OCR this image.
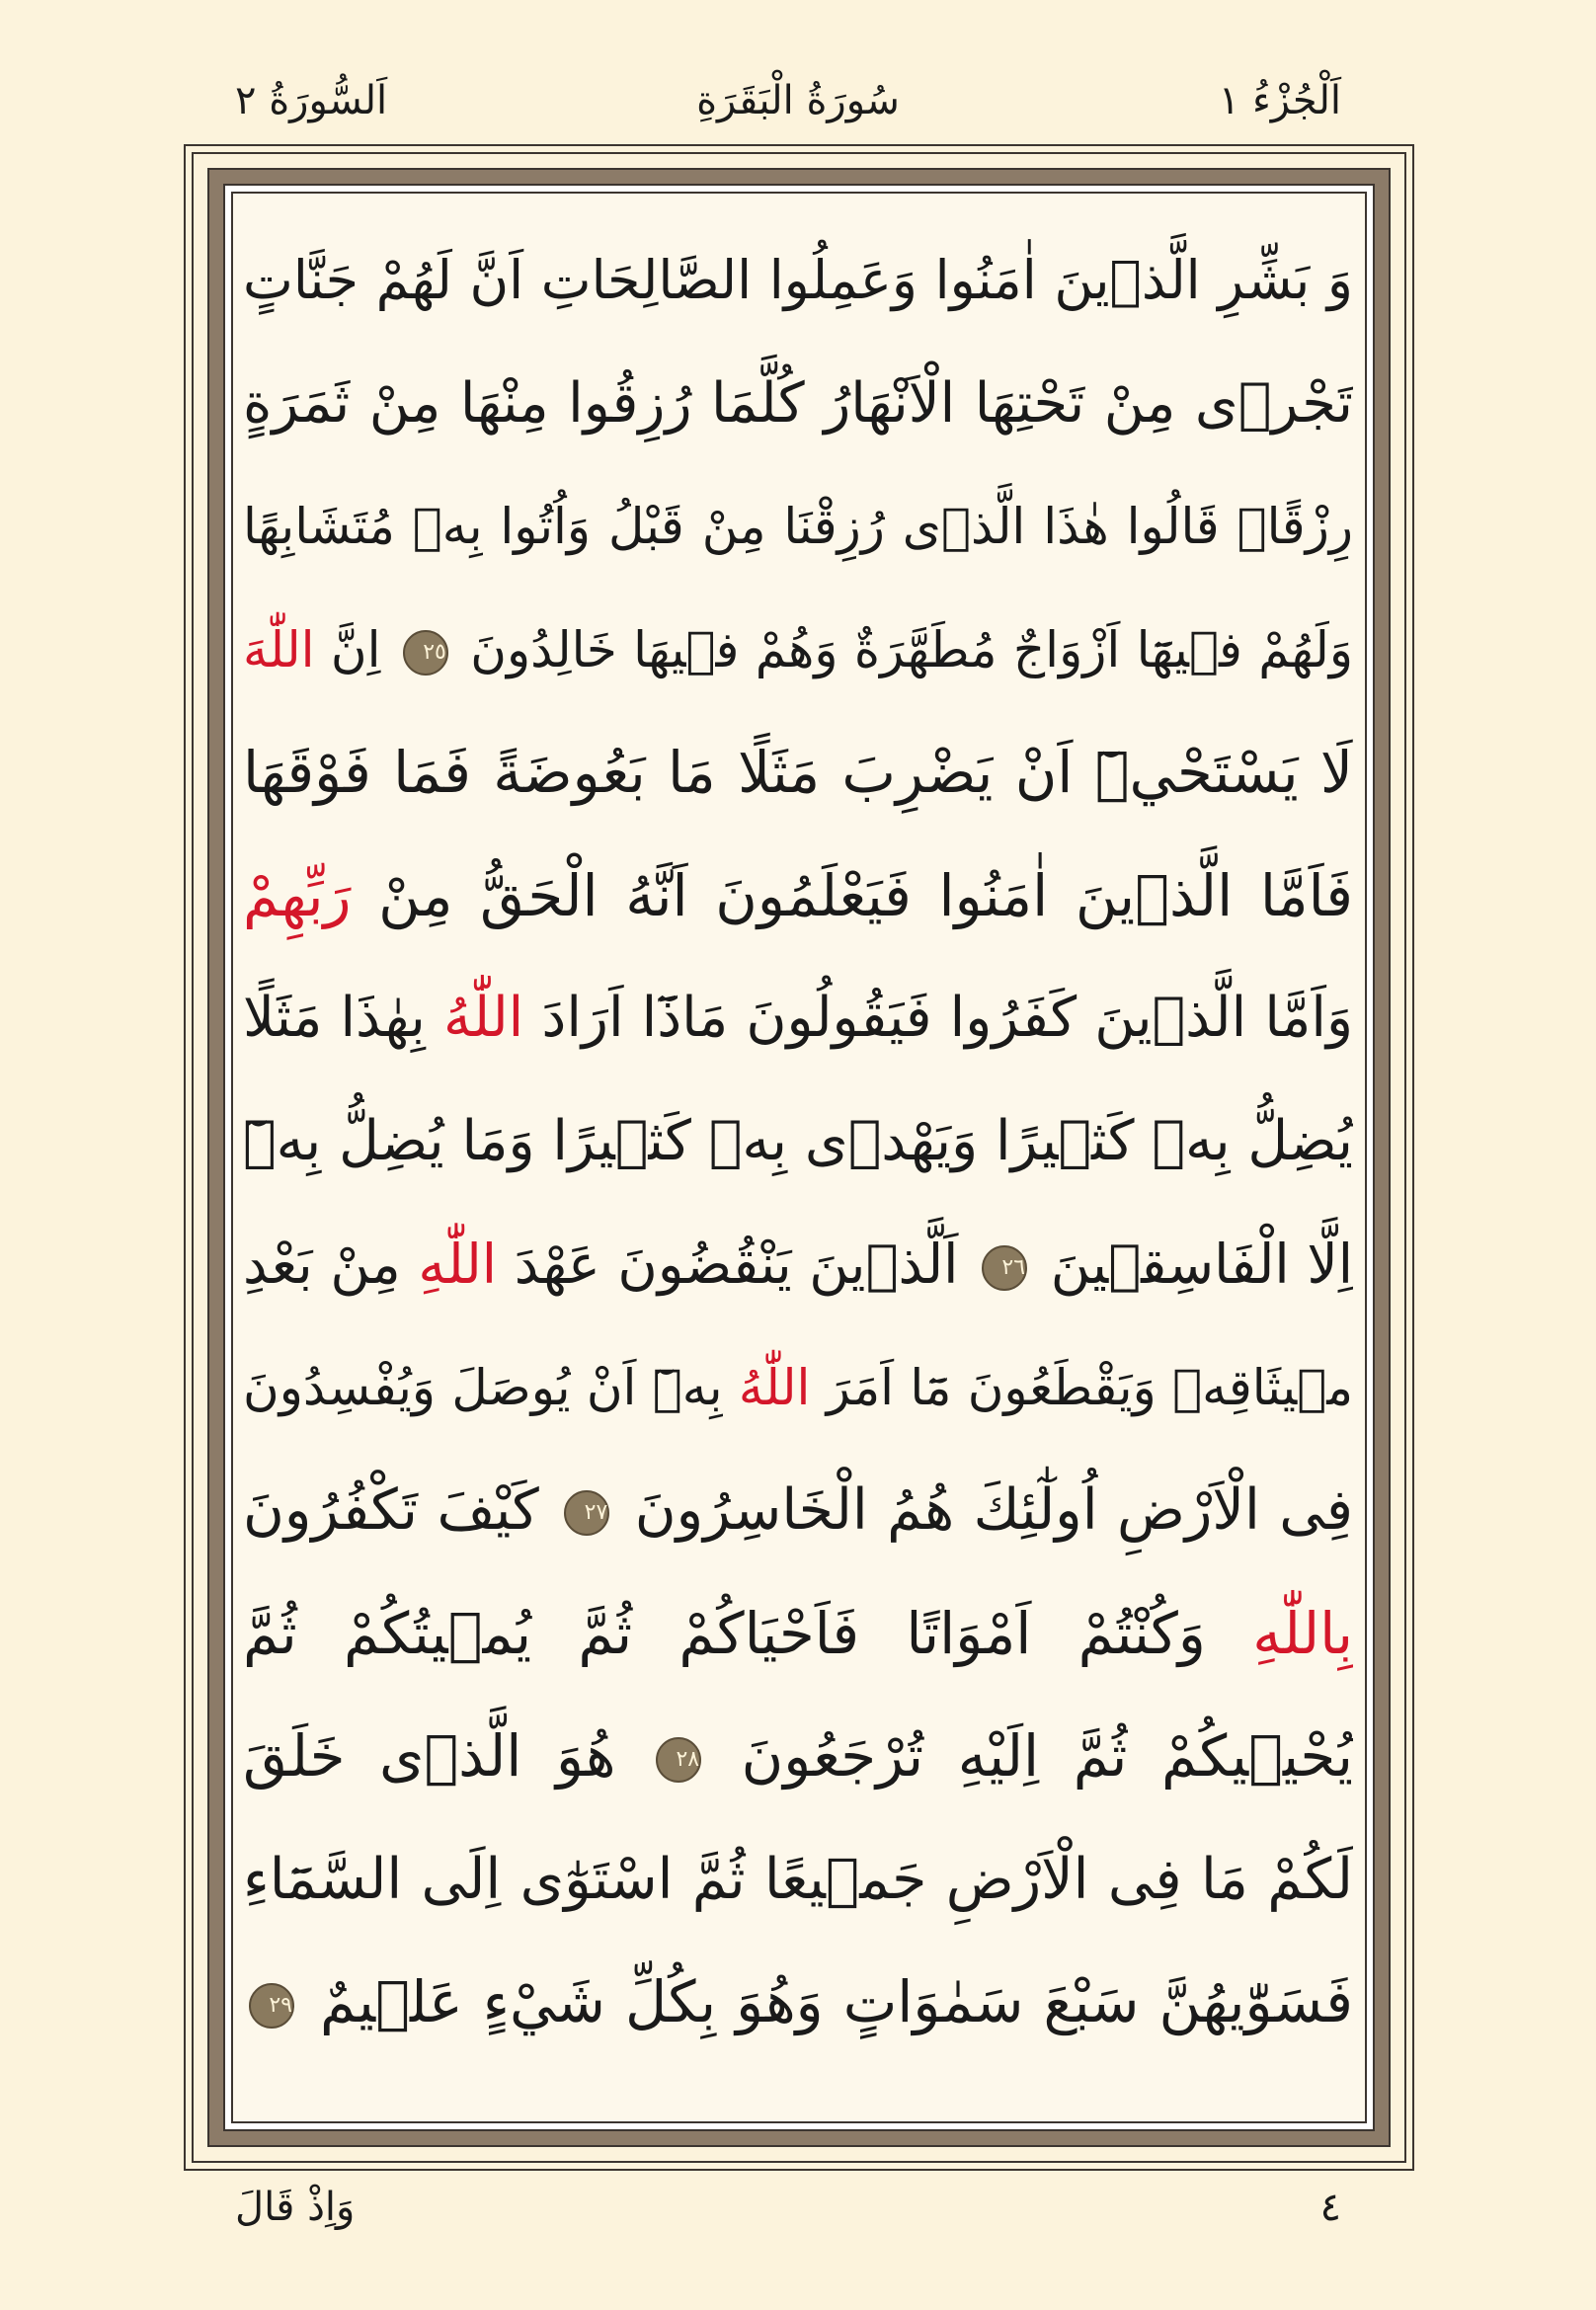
اَلْجُزْءُ ١
سُورَةُ الْبَقَرَةِ
اَلسُّورَةُ ٢
وَ بَشِّرِ الَّذ۪ينَ اٰمَنُوا وَعَمِلُوا الصَّالِحَاتِ اَنَّ لَهُمْ جَنَّاتٍ
تَجْر۪ى مِنْ تَحْتِهَا الْاَنْهَارُ كُلَّمَا رُزِقُوا مِنْهَا مِنْ ثَمَرَةٍ
رِزْقًاۙ قَالُوا هٰذَا الَّذ۪ى رُزِقْنَا مِنْ قَبْلُ وَاُتُوا بِه۪ مُتَشَابِهًا
وَلَهُمْ ف۪يهَٓا اَزْوَاجٌ مُطَهَّرَةٌ وَهُمْ ف۪يهَا خَالِدُونَ ٢٥ اِنَّ اللّٰهَ
لَا يَسْتَحْي۪ٓ اَنْ يَضْرِبَ مَثَلًا مَا بَعُوضَةً فَمَا فَوْقَهَا
فَاَمَّا الَّذ۪ينَ اٰمَنُوا فَيَعْلَمُونَ اَنَّهُ الْحَقُّ مِنْ رَبِّهِمْ
وَاَمَّا الَّذ۪ينَ كَفَرُوا فَيَقُولُونَ مَاذَٓا اَرَادَ اللّٰهُ بِهٰذَا مَثَلًا
يُضِلُّ بِه۪ كَث۪يرًا وَيَهْد۪ى بِه۪ كَث۪يرًا وَمَا يُضِلُّ بِه۪ٓ
اِلَّا الْفَاسِق۪ينَ ٢٦ اَلَّذ۪ينَ يَنْقُضُونَ عَهْدَ اللّٰهِ مِنْ بَعْدِ
م۪يثَاقِه۪ وَيَقْطَعُونَ مَٓا اَمَرَ اللّٰهُ بِه۪ٓ اَنْ يُوصَلَ وَيُفْسِدُونَ
فِى الْاَرْضِ اُولٰٓئِكَ هُمُ الْخَاسِرُونَ ٢٧ كَيْفَ تَكْفُرُونَ
بِاللّٰهِ وَكُنْتُمْ اَمْوَاتًا فَاَحْيَاكُمْ ثُمَّ يُم۪يتُكُمْ ثُمَّ
يُحْي۪يكُمْ ثُمَّ اِلَيْهِ تُرْجَعُونَ ٢٨ هُوَ الَّذ۪ى خَلَقَ
لَكُمْ مَا فِى الْاَرْضِ جَم۪يعًا ثُمَّ اسْتَوٰٓى اِلَى السَّمَٓاءِ
فَسَوّٰيهُنَّ سَبْعَ سَمٰوَاتٍ وَهُوَ بِكُلِّ شَيْءٍ عَل۪يمٌ ٢٩
٤
وَاِذْ قَالَ
